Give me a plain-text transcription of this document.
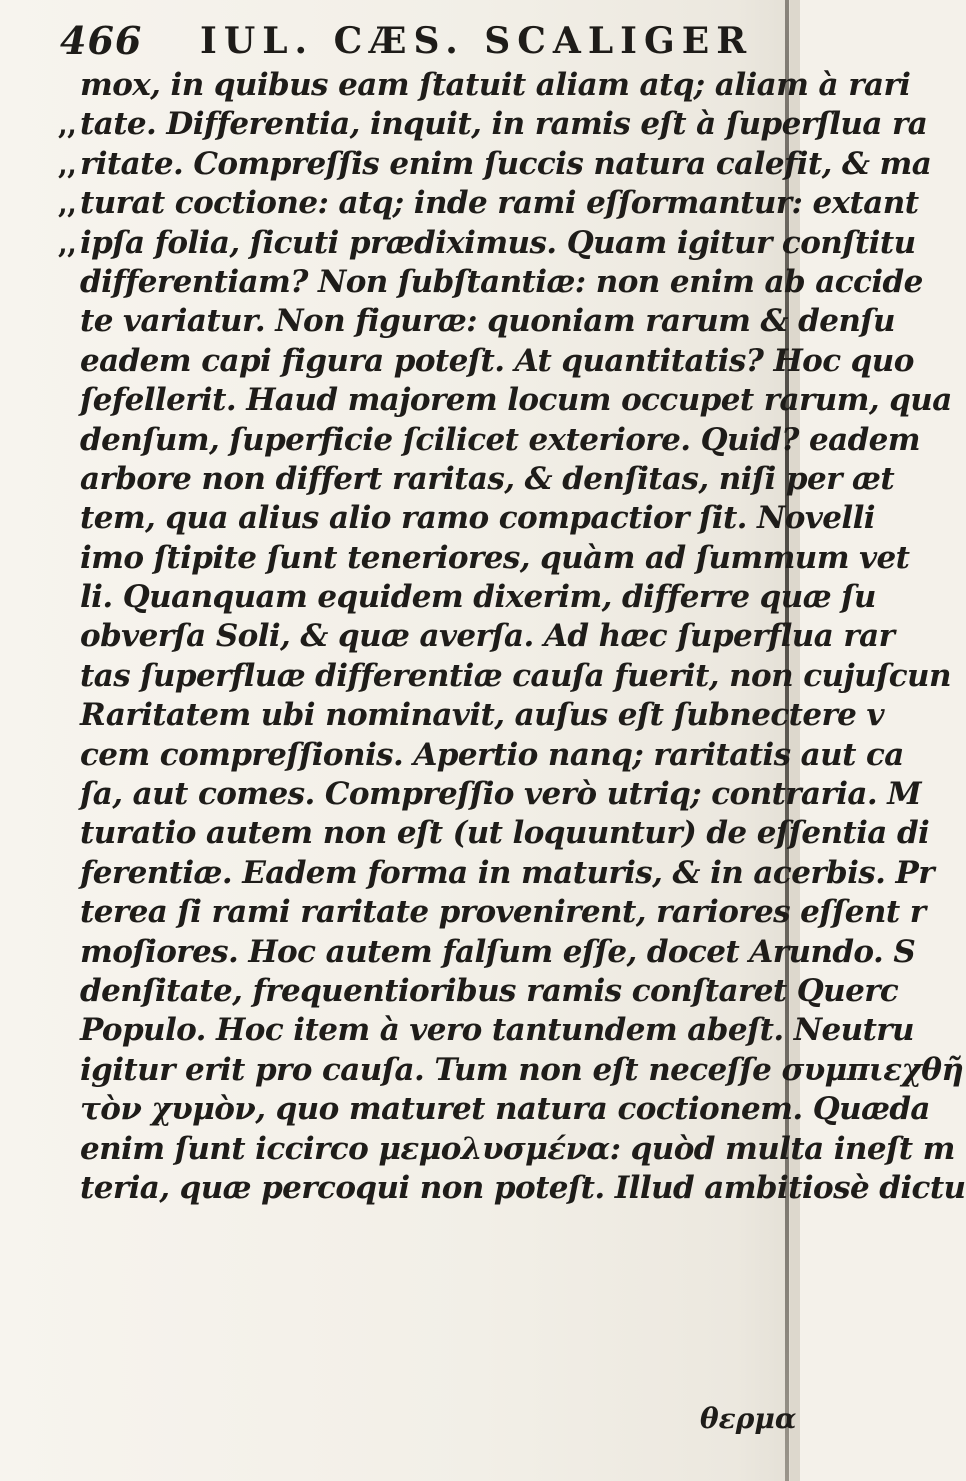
466 IUL. CÆS. SCALIGER
mox, in quibus eam ſtatuit aliam atq; aliam à rari
,, tate. Differentia, inquit, in ramis eſt à ſuperſlua ra
,, ritate. Compreſſis enim ſuccis natura calefit, & ma
,, turat coctione: atq; inde rami eſſormantur: extant
,, ipſa folia, ſicuti prædiximus. Quam igitur conſtitu
differentiam? Non ſubſtantiæ: non enim ab accide
te variatur. Non figuræ: quoniam rarum & denſu
eadem capi figura poteſt. At quantitatis? Hoc quo
ſefellerit. Haud majorem locum occupet rarum, qua
denſum, ſuperficie ſcilicet exteriore. Quid? eadem
arbore non differt raritas, & denſitas, niſi per æt
tem, qua alius alio ramo compactior ſit. Novelli
imo ſtipite ſunt teneriores, quàm ad ſummum vet
li. Quanquam equidem dixerim, differre quæ ſu
obverſa Soli, & quæ averſa. Ad hæc ſuperflua rar
tas ſuperfluæ differentiæ cauſa fuerit, non cujuſcun
Raritatem ubi nominavit, auſus eſt ſubnectere v
cem compreſſionis. Apertio nanq; raritatis aut ca
ſa, aut comes. Compreſſio verò utriq; contraria. M
turatio autem non eſt (ut loquuntur) de eſſentia di
ferentiæ. Eadem forma in maturis, & in acerbis. Pr
terea ſi rami raritate provenirent, rariores eſſent r
moſiores. Hoc autem falſum eſſe, docet Arundo. S
denſitate, frequentioribus ramis conſtaret Querc
Populo. Hoc item à vero tantundem abeſt. Neutru
igitur erit pro cauſa. Tum non eſt neceſſe συμπιεχθῆ
τὸν χυμὸν, quo maturet natura coctionem. Quæda
enim ſunt iccirco μεμολυσμένα: quòd multa ineſt m
teria, quæ percoqui non poteſt. Illud ambitiosè dictu
θερμα
